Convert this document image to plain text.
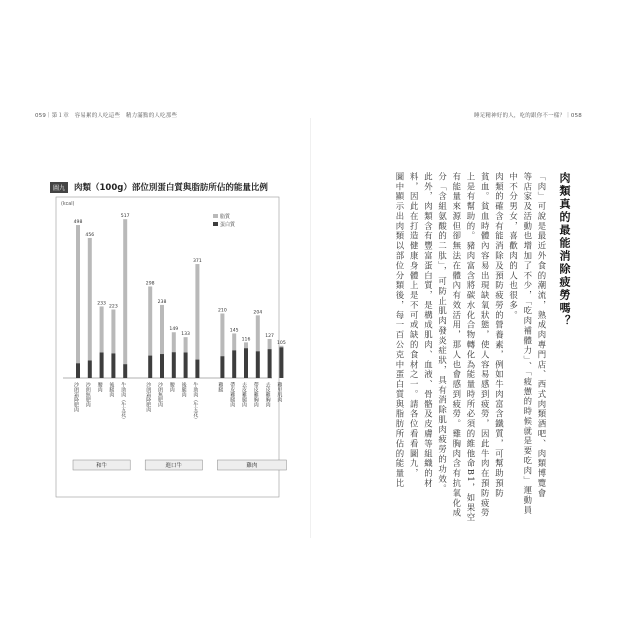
059｜第１章　容易累的人吃這些　精力滿點的人吃那些	睡足精神好的人，吃的跟你不一樣？｜058
圖九	肉類（100g）部位別蛋白質與脂肪所佔的能量比例
(kcal)
脂質
蛋白質
498
沙朗霜降肥肉
456
沙朗無肥肉
233
腰肉
223
後腿肉
517
牛助肉（牛五花）
和牛
298
沙朗霜降肥肉
238
沙朗無肥肉
149
腰肉
133
後腿肉
371
牛助肉（牛五花）
進口牛
210
雞腿
145
帶皮雞腿肉
116
去皮雞腿肉
204
帶皮雞胸肉
127
去皮雞胸肉
105
雞里肌肉
雞肉
肉類真的最能消除疲勞嗎？
「肉」可說是最近外食的潮流，熟成肉專門店、西式肉類酒吧、肉類博覽會
等店家及活動也增加了不少，「吃肉補體力」、「疲憊的時候就是要吃肉」運動員
中不分男女，喜歡肉的人也很多。
肉類的確含有能消除及預防疲勞的營養素，例如牛肉富含鐵質，可幫助預防
貧血。貧血時體內容易出現缺氧狀態，使人容易感到疲勞，因此牛肉在預防疲勞
上是有幫助的。豬肉富含將碳水化合物轉化為能量時所必須的維他命B1，如果空
有能量來源但卻無法在體內有效活用，那人也會感到疲勞。雞胸肉含有抗氧化成
分「含組氨酸的二肽」，可防止肌肉發炎症狀，具有消除肌肉疲勞的功效。
此外，肉類含有豐富蛋白質，是構成肌肉、血液、骨骼及皮膚等組織的材
料，因此在打造健康身體上是不可或缺的食材之一。請各位看看圖九，
圖中顯示出肉類以部位分類後，每一百公克中蛋白質與脂肪所佔的能量比
